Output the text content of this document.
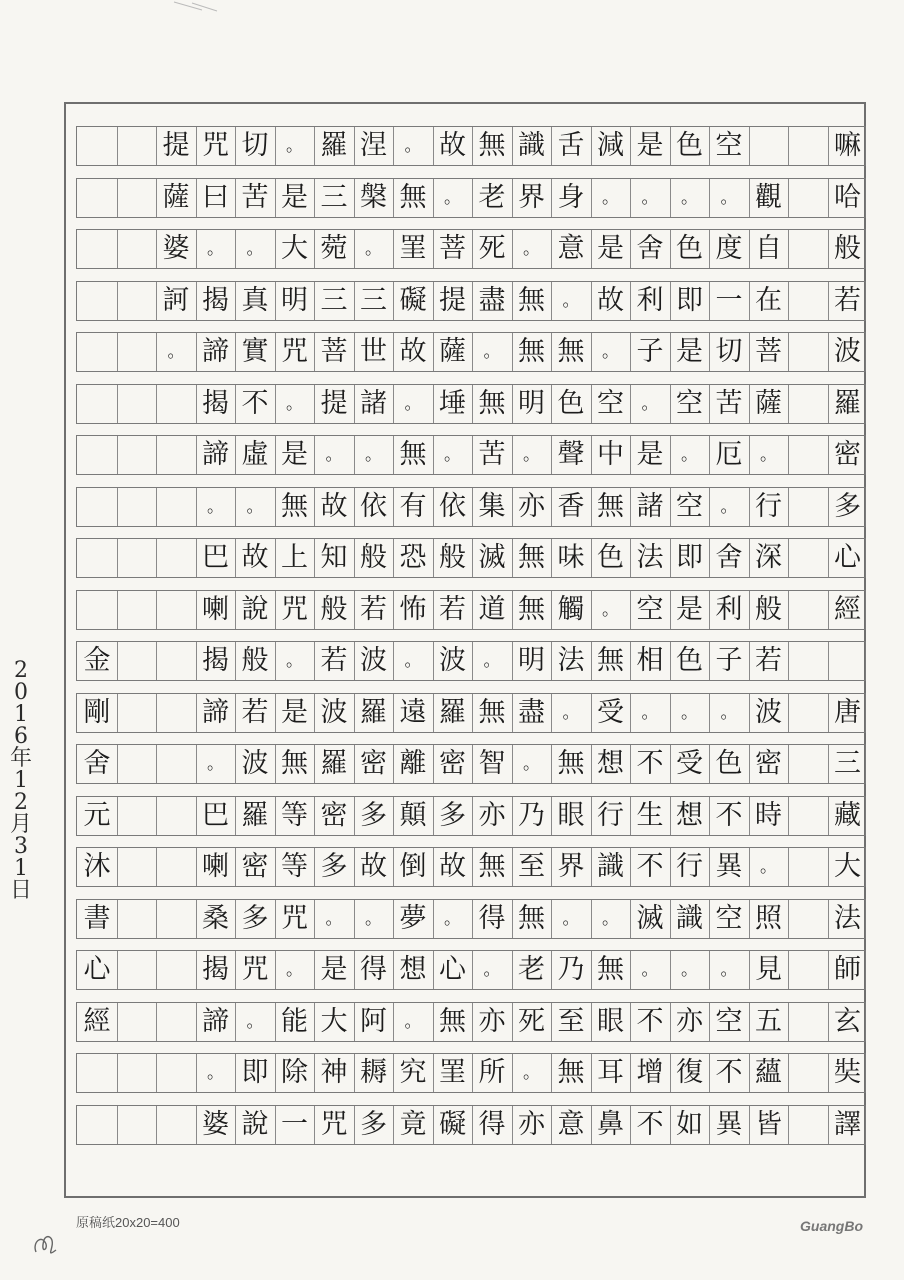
提 咒 切	。 羅 涅	。 故 無 識 舌 減 是 色 空	嘛
薩 曰 苦 是 三 槃 無	。 老 界 身	。	。	。	。 觀 哈
婆	。	。 大 菀	。 罣 菩 死	。 意 是 舍 色 度 自 般
訶 揭 真 明 三 三 礙 提 盡 無	。 故 利 即 一 在 若
。 諦 實 咒 菩 世 故 薩	。 無 無	。 子 是 切 菩 波
揭 不	。 提 諸	。 埵 無 明 色 空	。 空 苦 薩 羅
諦 虛 是	。	。 無	。 苦	。 聲 中 是	。 厄	。	密
。	。 無 故 依 有 依 集 亦 香 無 諸 空	。 行 多
巴 故 上 知 般 恐 般 滅 無 味 色 法 即 舍 深 心
喇 說 咒 般 若 怖 若 道 無 觸	。 空 是 利 般 經
金	揭 般	。 若 波	。 波	。 明 法 無 相 色 子 若
剛	諦 若 是 波 羅 遠 羅 無 盡	。 受	。	。	。 波 唐
舍	。 波 無 羅 密 離 密 智	。 無 想 不 受 色 密 三
元	巴 羅 等 密 多 顛 多 亦 乃 眼 行 生 想 不 時 藏
沐	喇 密 等 多 故 倒 故 無 至 界 識 不 行 異	。	大
書	桑 多 咒	。	。 夢	。 得 無	。	。 滅 識 空 照 法
心	揭 咒	。 是 得 想 心	。 老 乃 無	。	。	。 見 師
經	諦	。 能 大 阿	。 無 亦 死 至 眼 不 亦 空 五 玄
。 即 除 神 耨 究 罣 所	。 無 耳 增 復 不 蘊 奘
婆 說 一 咒 多 竟 礙 得 亦 意 鼻 不 如 異 皆 譯
2
0
1
6
年
1
2
月
3
1
日
原稿纸20x20=400	GuangBo
